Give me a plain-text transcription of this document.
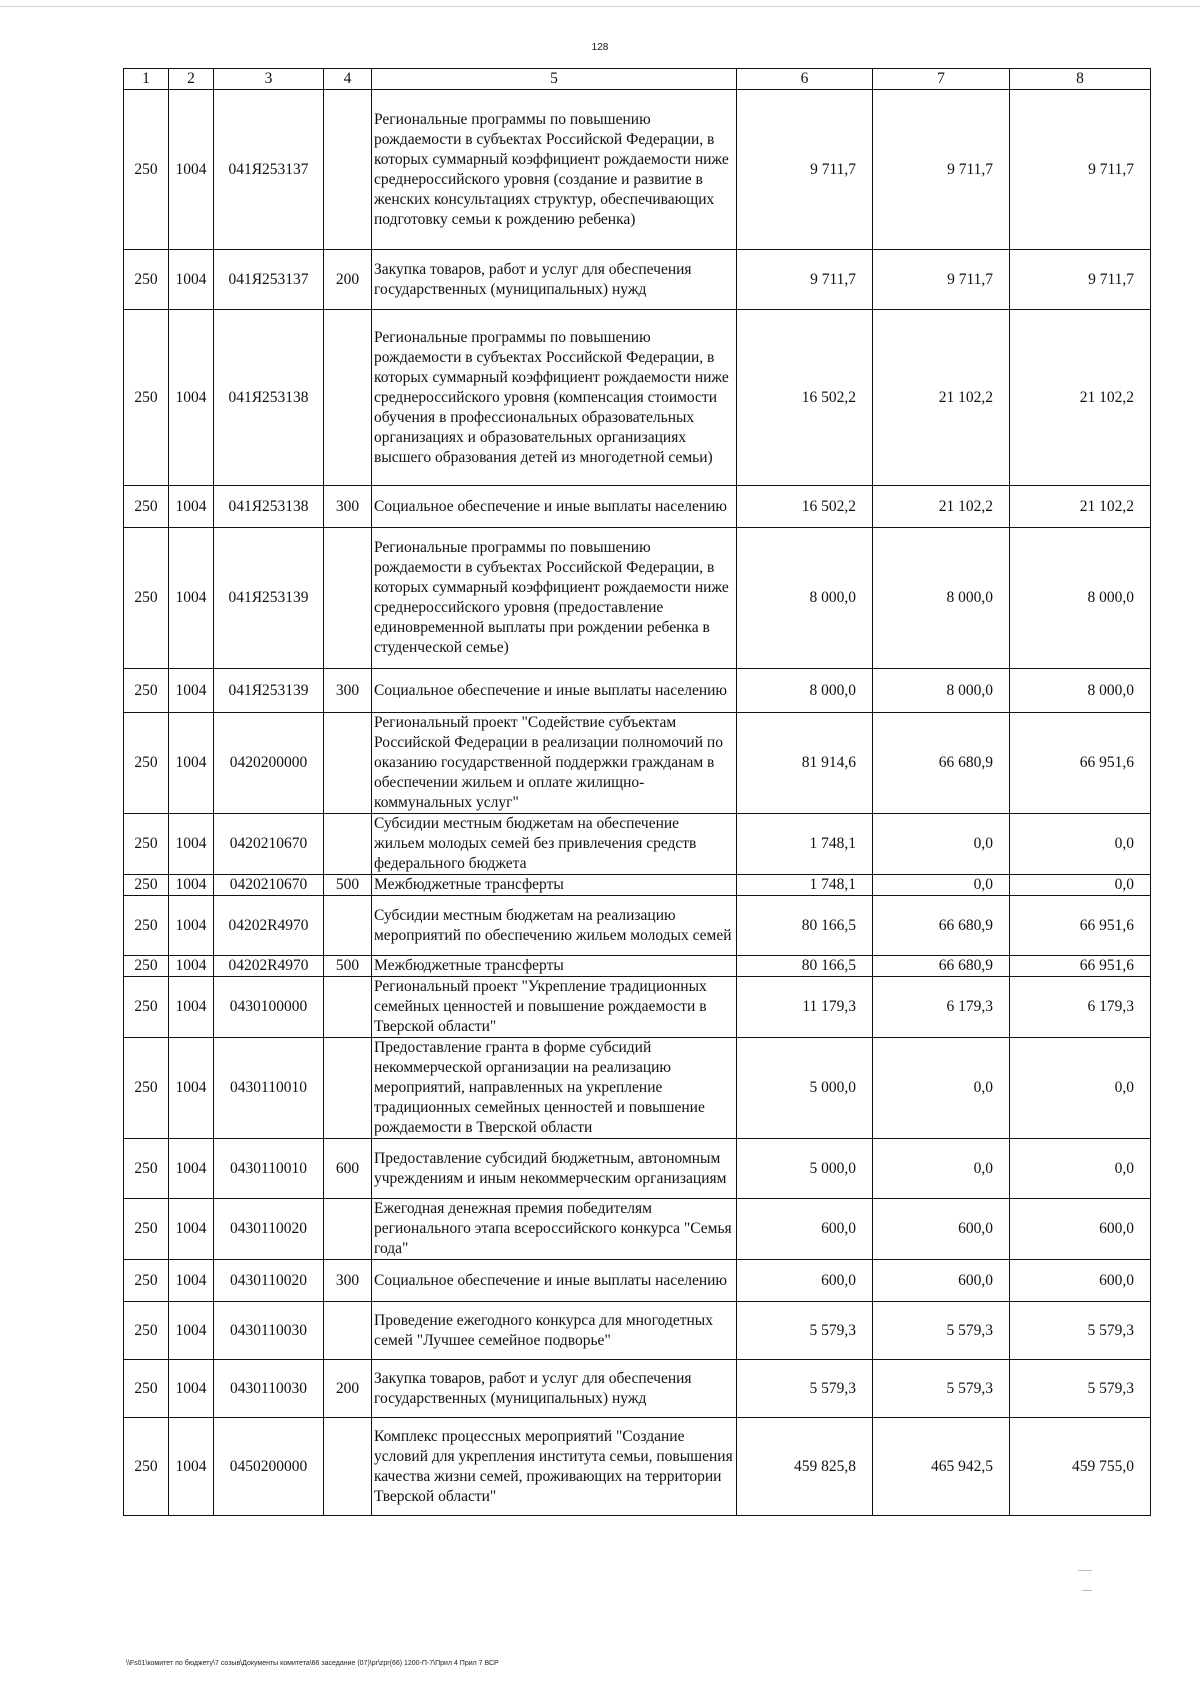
128
1	2	3	4	5	6	7	8
250	1004	041Я253137		Региональные программы по повышению рождаемости в субъектах Российской Федерации, в которых суммарный коэффициент рождаемости ниже среднероссийского уровня (создание и развитие в женских консультациях структур, обеспечивающих подготовку семьи к рождению ребенка)	9 711,7	9 711,7	9 711,7
250	1004	041Я253137	200	Закупка товаров, работ и услуг для обеспечения государственных (муниципальных) нужд	9 711,7	9 711,7	9 711,7
250	1004	041Я253138		Региональные программы по повышению рождаемости в субъектах Российской Федерации, в которых суммарный коэффициент рождаемости ниже среднероссийского уровня (компенсация стоимости обучения в профессиональных образовательных организациях и образовательных организациях высшего образования детей из многодетной семьи)	16 502,2	21 102,2	21 102,2
250	1004	041Я253138	300	Социальное обеспечение и иные выплаты населению	16 502,2	21 102,2	21 102,2
250	1004	041Я253139		Региональные программы по повышению рождаемости в субъектах Российской Федерации, в которых суммарный коэффициент рождаемости ниже среднероссийского уровня (предоставление единовременной выплаты при рождении ребенка в студенческой семье)	8 000,0	8 000,0	8 000,0
250	1004	041Я253139	300	Социальное обеспечение и иные выплаты населению	8 000,0	8 000,0	8 000,0
250	1004	0420200000		Региональный проект "Содействие субъектам Российской Федерации в реализации полномочий по оказанию государственной поддержки гражданам в обеспечении жильем и оплате жилищно-коммунальных услуг"	81 914,6	66 680,9	66 951,6
250	1004	0420210670		Субсидии местным бюджетам на обеспечение жильем молодых семей без привлечения средств федерального бюджета	1 748,1	0,0	0,0
250	1004	0420210670	500	Межбюджетные трансферты	1 748,1	0,0	0,0
250	1004	04202R4970		Субсидии местным бюджетам на реализацию мероприятий по обеспечению жильем молодых семей	80 166,5	66 680,9	66 951,6
250	1004	04202R4970	500	Межбюджетные трансферты	80 166,5	66 680,9	66 951,6
250	1004	0430100000		Региональный проект "Укрепление традиционных семейных ценностей и повышение рождаемости в Тверской области"	11 179,3	6 179,3	6 179,3
250	1004	0430110010		Предоставление гранта в форме субсидий некоммерческой организации на реализацию мероприятий, направленных на укрепление традиционных семейных ценностей и повышение рождаемости в Тверской области	5 000,0	0,0	0,0
250	1004	0430110010	600	Предоставление субсидий бюджетным, автономным учреждениям и иным некоммерческим организациям	5 000,0	0,0	0,0
250	1004	0430110020		Ежегодная денежная премия победителям регионального этапа всероссийского конкурса "Семья года"	600,0	600,0	600,0
250	1004	0430110020	300	Социальное обеспечение и иные выплаты населению	600,0	600,0	600,0
250	1004	0430110030		Проведение ежегодного конкурса для многодетных семей "Лучшее семейное подворье"	5 579,3	5 579,3	5 579,3
250	1004	0430110030	200	Закупка товаров, работ и услуг для обеспечения государственных (муниципальных) нужд	5 579,3	5 579,3	5 579,3
250	1004	0450200000		Комплекс процессных мероприятий "Создание условий для укрепления института семьи, повышения качества жизни семей, проживающих на территории Тверской области"	459 825,8	465 942,5	459 755,0
\\Fs01\комитет по бюджету\7 созыв\Документы комитета\66 заседание (07)\pr\zpr(66) 1200-П-7\Прил 4 Прил 7 ВСР
